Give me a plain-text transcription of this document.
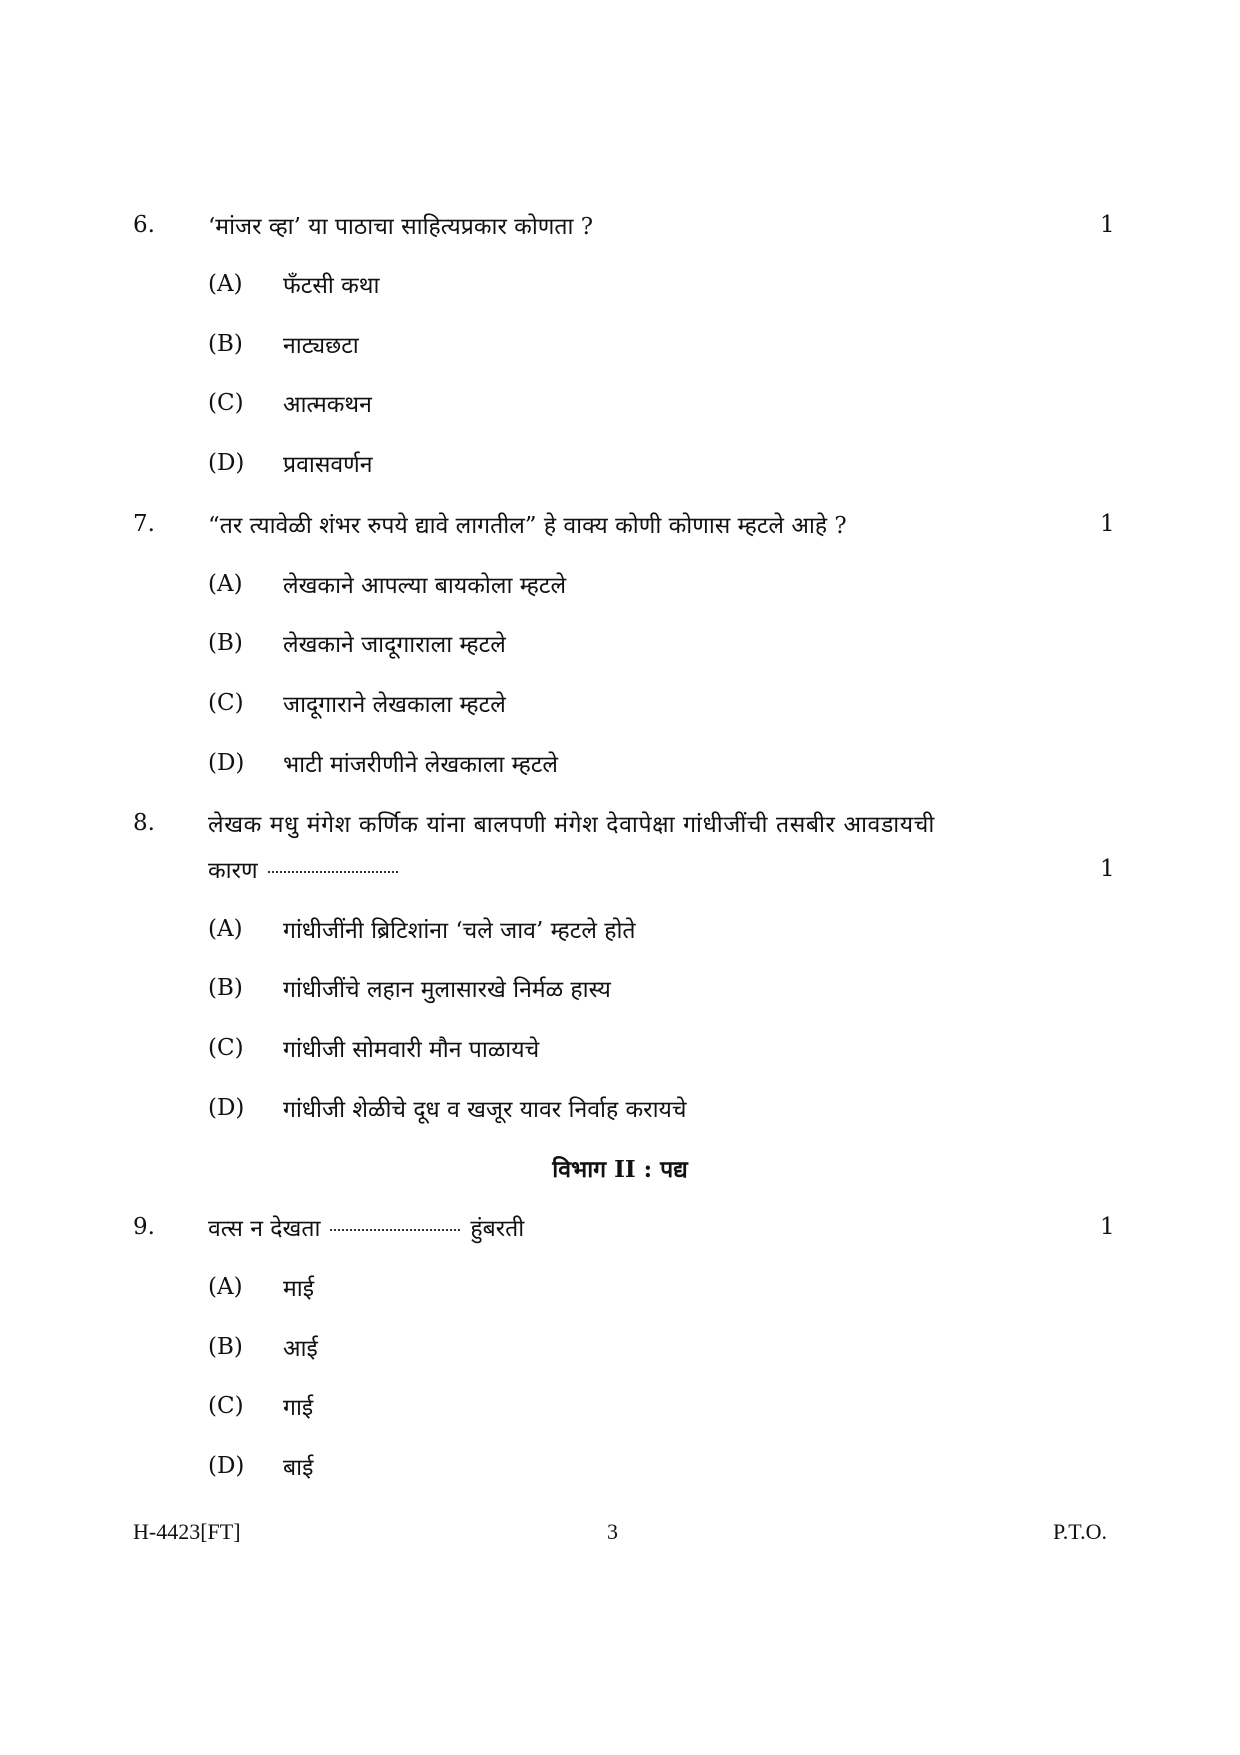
6. ‘मांजर व्हा’ या पाठाचा साहित्यप्रकार कोणता ?	1
(A) फँटसी कथा
(B) नाट्यछटा
(C) आत्मकथन
(D) प्रवासवर्णन
7. “तर त्यावेळी शंभर रुपये द्यावे लागतील” हे वाक्य कोणी कोणास म्हटले आहे ?	1
(A) लेखकाने आपल्या बायकोला म्हटले
(B) लेखकाने जादूगाराला म्हटले
(C) जादूगाराने लेखकाला म्हटले
(D) भाटी मांजरीणीने लेखकाला म्हटले
8. लेखक मधु मंगेश कर्णिक यांना बालपणी मंगेश देवापेक्षा गांधीजींची तसबीर आवडायची
कारण	1
(A) गांधीजींनी ब्रिटिशांना ‘चले जाव’ म्हटले होते
(B) गांधीजींचे लहान मुलासारखे निर्मळ हास्य
(C) गांधीजी सोमवारी मौन पाळायचे
(D) गांधीजी शेळीचे दूध व खजूर यावर निर्वाह करायचे
विभाग II : पद्य
9. वत्स न देखता	हुंबरती	1
(A) माई
(B) आई
(C) गाई
(D) बाई
H-4423[FT]	3	P.T.O.
